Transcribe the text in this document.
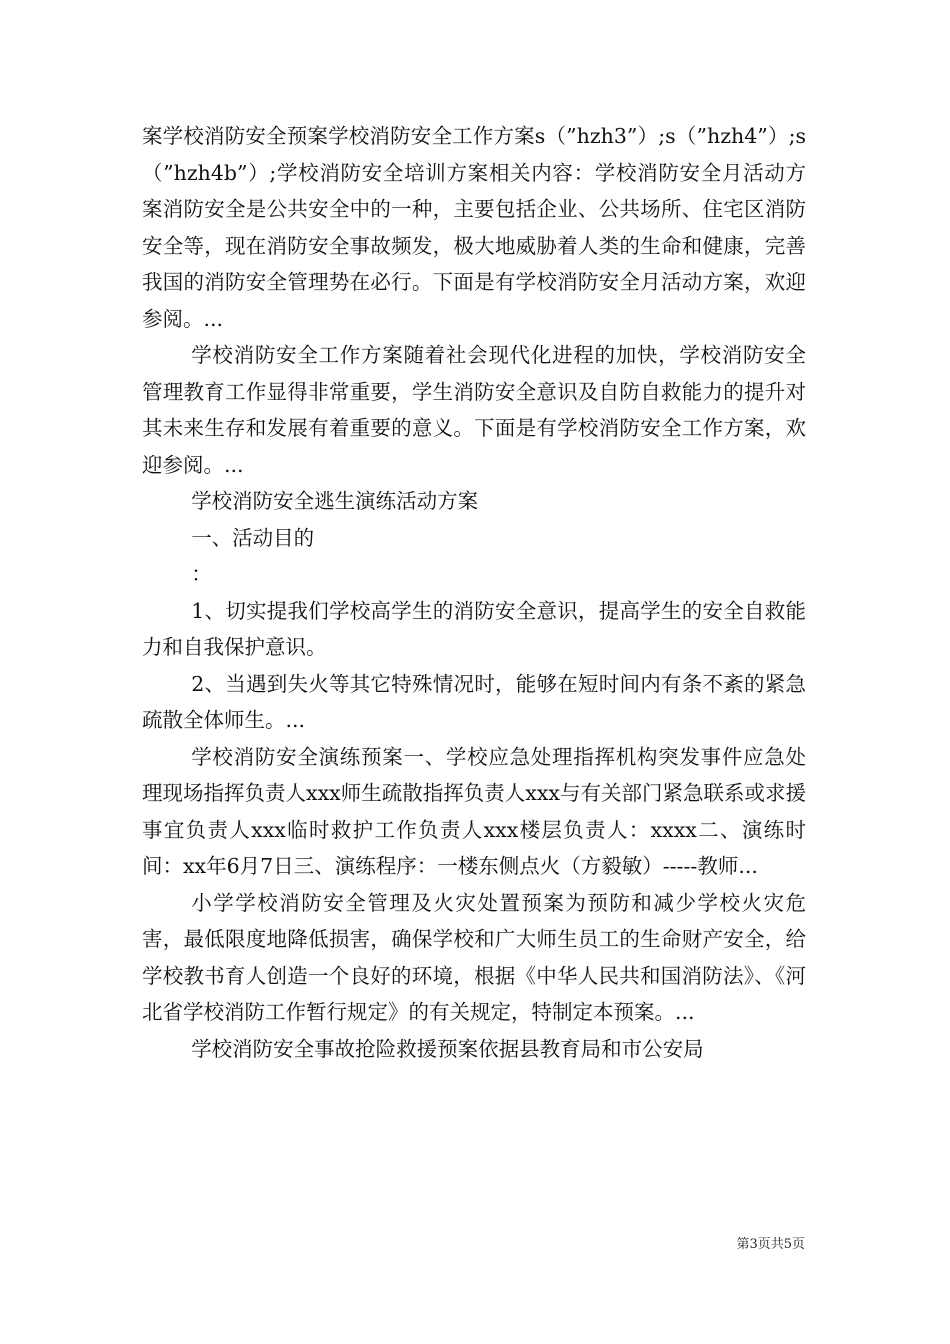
案学校消防安全预案学校消防安全工作方案s（”hzh3”）;s（”hzh4”）;s（”hzh4b”）;学校消防安全培训方案相关内容：学校消防安全月活动方案消防安全是公共安全中的一种，主要包括企业、公共场所、住宅区消防安全等，现在消防安全事故频发，极大地威胁着人类的生命和健康，完善我国的消防安全管理势在必行。下面是有学校消防安全月活动方案，欢迎参阅。...

学校消防安全工作方案随着社会现代化进程的加快，学校消防安全管理教育工作显得非常重要，学生消防安全意识及自防自救能力的提升对其未来生存和发展有着重要的意义。下面是有学校消防安全工作方案，欢迎参阅。...

学校消防安全逃生演练活动方案

一、活动目的

：

1、切实提我们学校高学生的消防安全意识，提高学生的安全自救能力和自我保护意识。

2、当遇到失火等其它特殊情况时，能够在短时间内有条不紊的紧急疏散全体师生。...

学校消防安全演练预案一、学校应急处理指挥机构突发事件应急处理现场指挥负责人xxx师生疏散指挥负责人xxx与有关部门紧急联系或求援事宜负责人xxx临时救护工作负责人xxx楼层负责人：xxxx二、演练时间：xx年6月7日三、演练程序：一楼东侧点火（方毅敏）-----教师...

小学学校消防安全管理及火灾处置预案为预防和减少学校火灾危害，最低限度地降低损害，确保学校和广大师生员工的生命财产安全，给学校教书育人创造一个良好的环境，根据《中华人民共和国消防法》、《河北省学校消防工作暂行规定》的有关规定，特制定本预案。...

学校消防安全事故抢险救援预案依据县教育局和市公安局

第3页共5页
